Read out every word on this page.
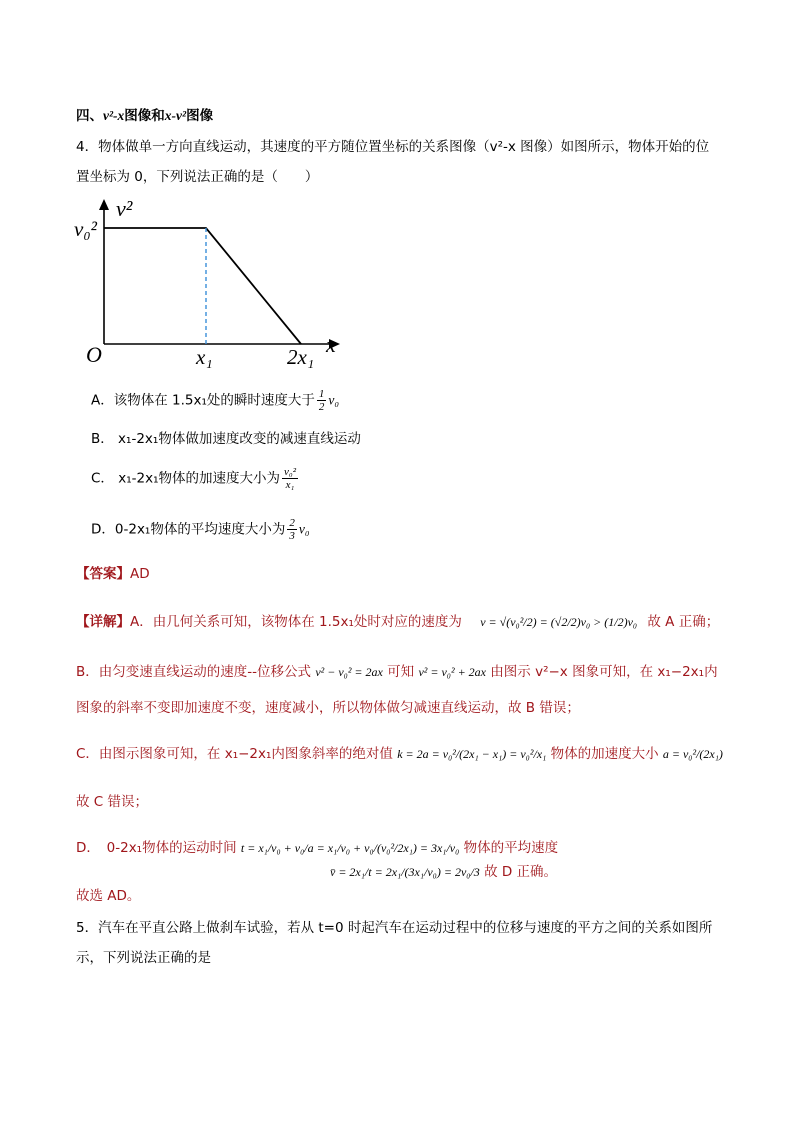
四、v²-x图像和x-v²图像
4．物体做单一方向直线运动，其速度的平方随位置坐标的关系图像（v²-x 图像）如图所示，物体开始的位
置坐标为 0，下列说法正确的是（　　）
v²
x
O
v₀²
x₁	2x₁
A．该物体在 1.5x₁处的瞬时速度大于 $\frac{1}{2} v_0$
B． x₁-2x₁物体做加速度改变的减速直线运动
C． x₁-2x₁物体的加速度大小为 $\frac{\text{v₀²}}{\text{x₁}}$
D．0-2x₁物体的平均速度大小为 $\frac{2}{3} v_0$
【答案】AD
【详解】A．由几何关系可知，该物体在 1.5x₁处时对应的速度为 v = √(v₀²/2) = (√2/2)v₀ > (1/2)v₀ 故 A 正确；
B．由匀变速直线运动的速度--位移公式 v² − v₀² = 2ax 可知 v² = v₀² + 2ax 由图示 v²−x 图象可知，在 x₁−2x₁内
图象的斜率不变即加速度不变，速度减小，所以物体做匀减速直线运动，故 B 错误；
C．由图示图象可知，在 x₁−2x₁内图象斜率的绝对值 k = 2a = v₀²/(2x₁ − x₁) = v₀²/x₁ 物体的加速度大小 a = v₀²/(2x₁)
故 C 错误；
D．　0-2x₁物体的运动时间 t = x₁/v₀ + v₀/a = x₁/v₀ + v₀/(v₀²/2x₁) = 3x₁/v₀ 物体的平均速度
v̄ = 2x₁/t = 2x₁/(3x₁/v₀) = 2v₀/3 故 D 正确。
故选 AD。
5．汽车在平直公路上做刹车试验，若从 t=0 时起汽车在运动过程中的位移与速度的平方之间的关系如图所
示，下列说法正确的是
